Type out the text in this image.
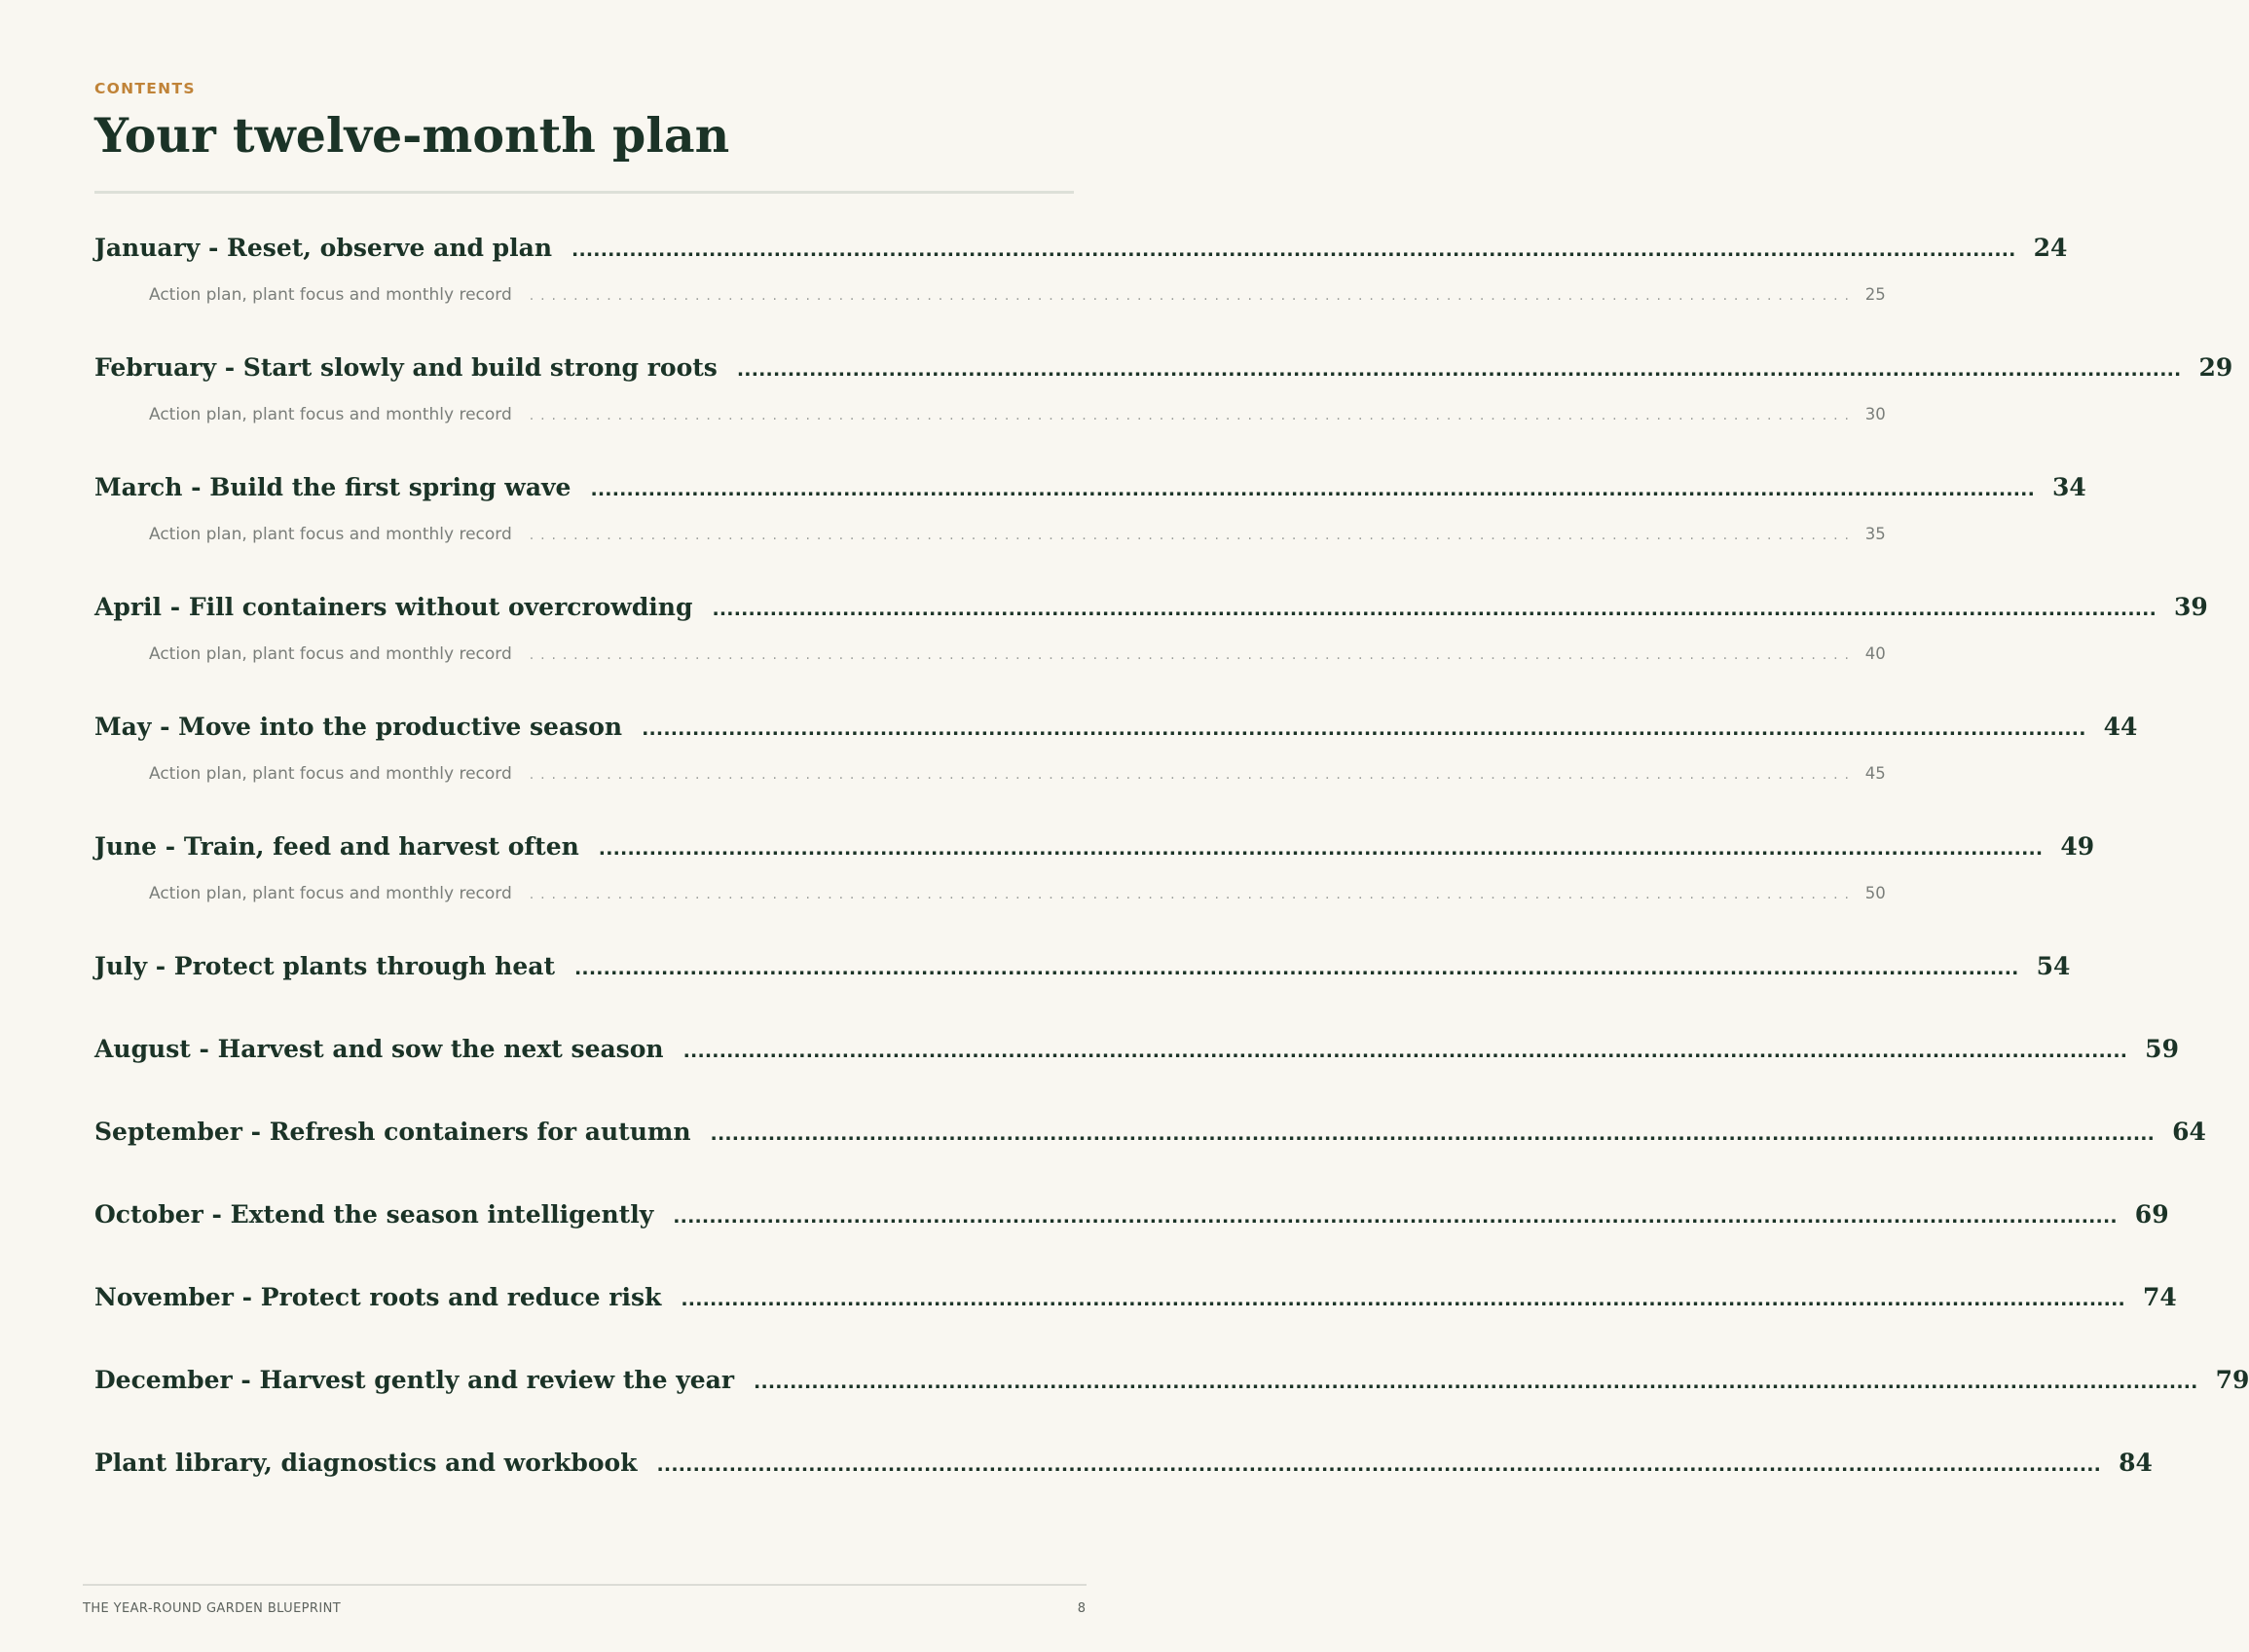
CONTENTS
Your twelve-month plan
January - Reset, observe and plan	........................................................................................................................................................................................................ 24
Action plan, plant focus and monthly record	........................................................................................................................ 25
February - Start slowly and build strong roots	........................................................................................................................................................................................................ 29
Action plan, plant focus and monthly record	........................................................................................................................ 30
March - Build the first spring wave	........................................................................................................................................................................................................ 34
Action plan, plant focus and monthly record	........................................................................................................................ 35
April - Fill containers without overcrowding	........................................................................................................................................................................................................ 39
Action plan, plant focus and monthly record	........................................................................................................................ 40
May - Move into the productive season	........................................................................................................................................................................................................ 44
Action plan, plant focus and monthly record	........................................................................................................................ 45
June - Train, feed and harvest often	........................................................................................................................................................................................................ 49
Action plan, plant focus and monthly record	........................................................................................................................ 50
July - Protect plants through heat	........................................................................................................................................................................................................ 54
August - Harvest and sow the next season	........................................................................................................................................................................................................ 59
September - Refresh containers for autumn	........................................................................................................................................................................................................ 64
October - Extend the season intelligently	........................................................................................................................................................................................................ 69
November - Protect roots and reduce risk	........................................................................................................................................................................................................ 74
December - Harvest gently and review the year	........................................................................................................................................................................................................ 79
Plant library, diagnostics and workbook	........................................................................................................................................................................................................ 84
THE YEAR-ROUND GARDEN BLUEPRINT	8
